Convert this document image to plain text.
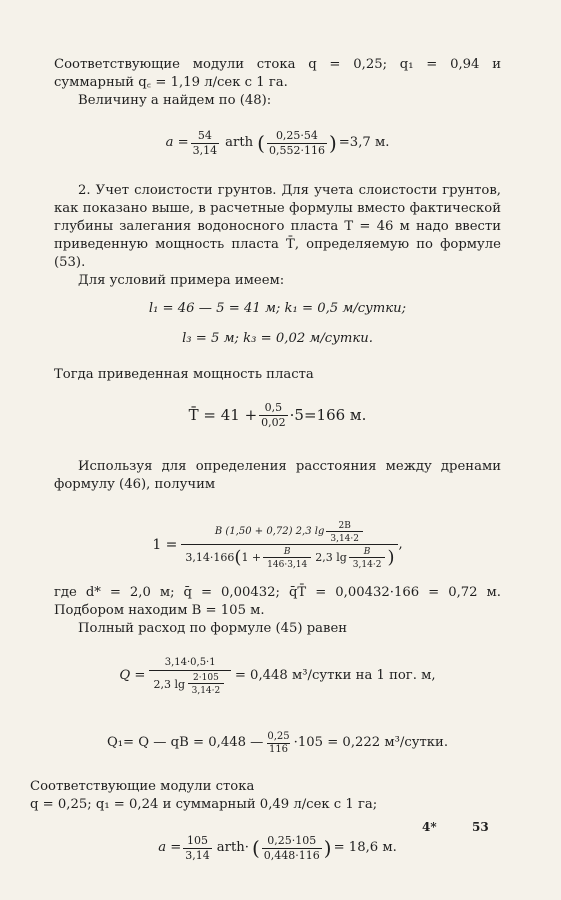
Соответствующие модули стока q = 0,25; q₁ = 0,94 и суммарный q꜀ = 1,19 л/сек с 1 га.

Величину a найдем по (48):

$a = \frac{54}{3,14}$ arth ( $\frac{0,25\cdot 54}{0,552\cdot 116}$ ) =3,7 м.

2. Учет слоистости грунтов. Для учета слоистости грунтов, как показано выше, в расчетные формулы вместо фактической глубины залегания водоносного пласта T = 46 м надо ввести приведенную мощность пласта T̄, определяемую по формуле (53).

Для условий примера имеем:

l₁ = 46 — 5 = 41 м; k₁ = 0,5 м/сутки;
l₃ = 5 м; k₃ = 0,02 м/сутки.

Тогда приведенная мощность пласта

T̄ = $41 + \frac{0,5}{0,02} \cdot 5=166$ м.

Используя для определения расстояния между дренами формулу (46), получим

1 =
B (1,50 + 0,72) 2,3 $\lg \frac{2B}{3,14\cdot 2}$
3,14·166 ( $1 + \frac{B}{146\cdot 3,14} 2,3$ $\lg \frac{B}{3,14\cdot 2}$ )
,

где d* = 2,0 м; q̄ = 0,00432; q̄T̄ = 0,00432·166 = 0,72 м. Подбором находим B = 105 м.

Полный расход по формуле (45) равен

$Q = \frac{3,14\cdot 0,5\cdot 1}{2,3 \lg \frac{2\cdot 105}{3,14\cdot 2}} = 0,448$ м³/сутки на 1 пог. м,
Q₁= Q — qB = 0,448 — $\frac{0,25}{116} \cdot 105 = 0,222$ м³/сутки.

Соответствующие модули стока

q = 0,25; q₁ = 0,24 и суммарный 0,49 л/сек с 1 га;

$a = \frac{105}{3,14}$ arth· ( $\frac{0,25\cdot 105}{0,448\cdot 116}$ ) = 18,6 м.
4*	53
